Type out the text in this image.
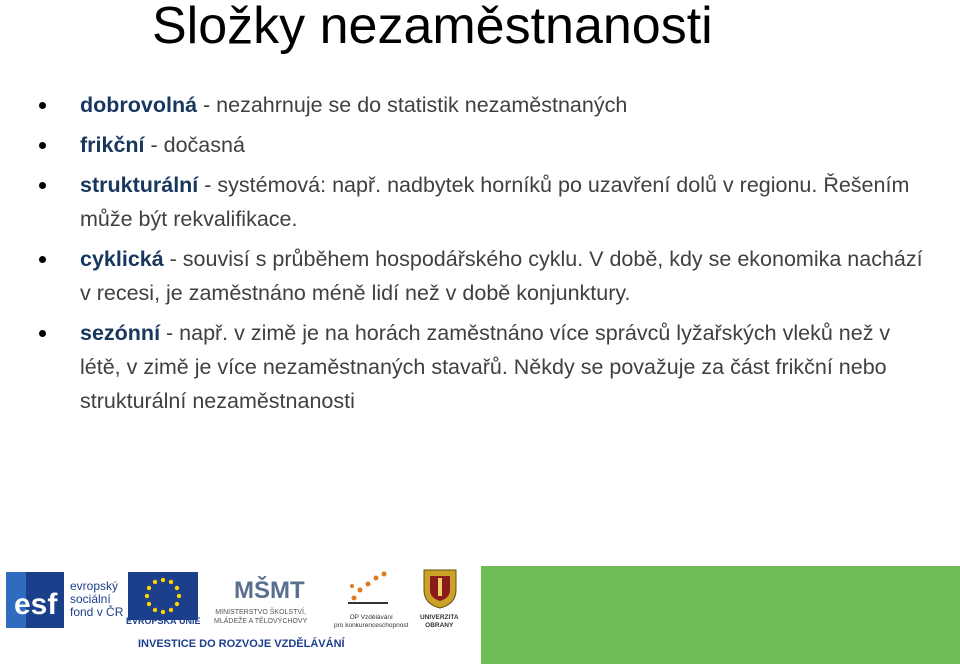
Složky nezaměstnanosti
dobrovolná - nezahrnuje se do statistik nezaměstnaných
frikční - dočasná
strukturální - systémová: např. nadbytek horníků po uzavření dolů v regionu. Řešením může být rekvalifikace.
cyklická - souvisí s průběhem hospodářského cyklu. V době, kdy se ekonomika nachází v recesi, je zaměstnáno méně lidí než v době konjunktury.
sezónní - např. v zimě je na horách zaměstnáno více správců lyžařských vleků než v létě, v zimě je více nezaměstnaných stavařů. Někdy se považuje za část frikční nebo strukturální nezaměstnanosti
esf
evropský
sociální
fond v ČR
EVROPSKÁ UNIE
MŠMT
MINISTERSTVO ŠKOLSTVÍ,
MLÁDEŽE A TĚLOVÝCHOVY
OP Vzdělávání
pro konkurenceschopnost
UNIVERZITA
OBRANY
INVESTICE DO ROZVOJE VZDĚLÁVÁNÍ
